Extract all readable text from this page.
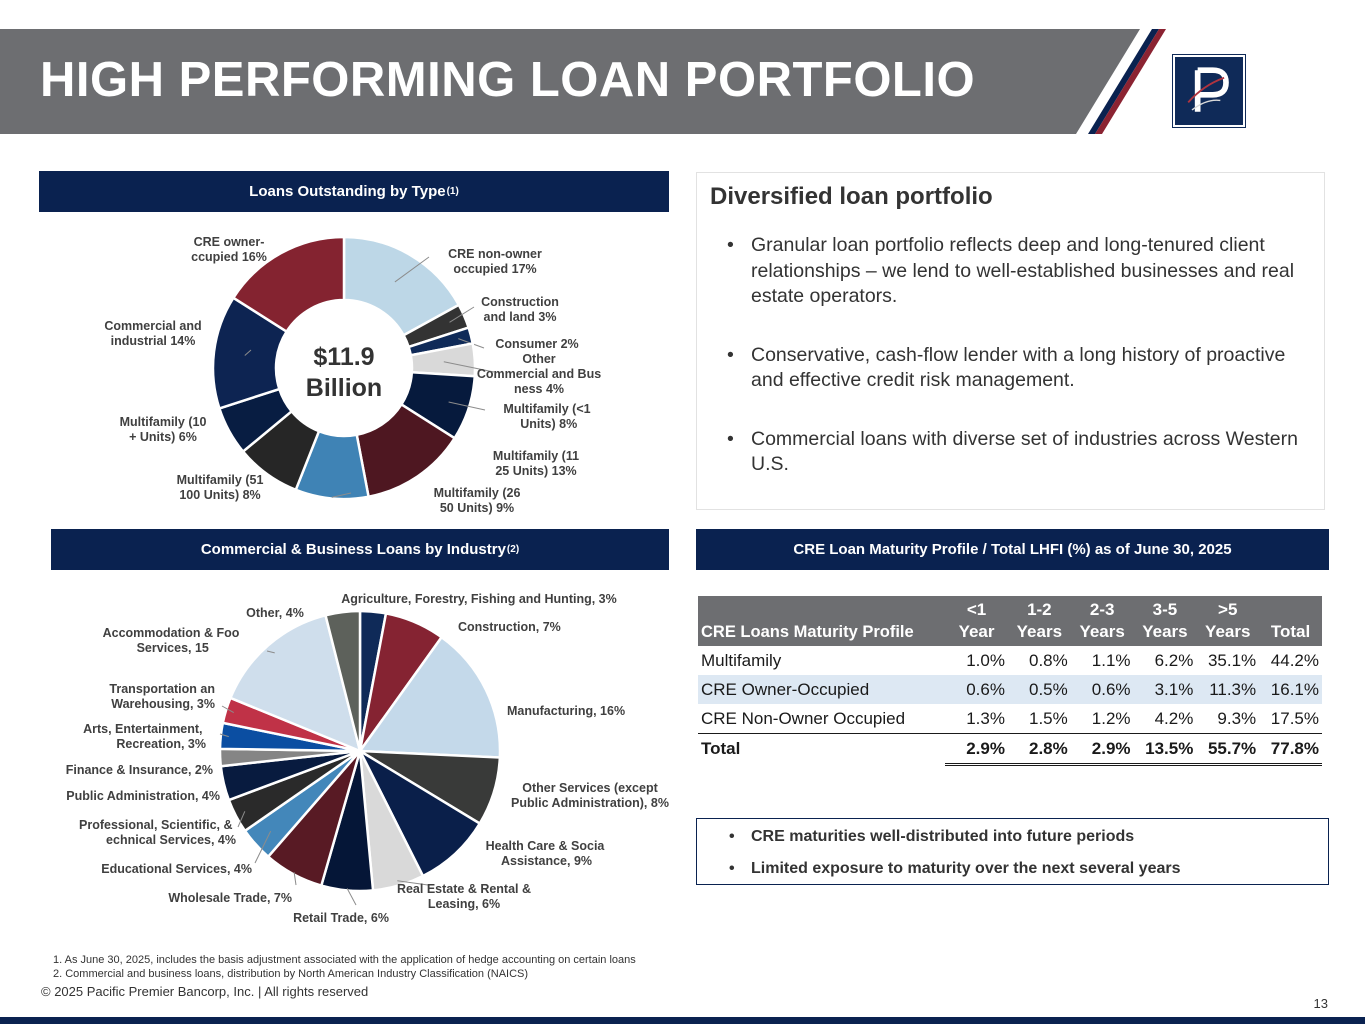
HIGH PERFORMING LOAN PORTFOLIO
Loans Outstanding by Type (1)
CRE non-owner occupied 17%
Construction and land 3%
Consumer 2%
Other Commercial and Bus ness 4%
Multifamily (<1 Units) 8%
Multifamily (11 25 Units) 13%
Multifamily (26 50 Units) 9%
Multifamily (51 100 Units) 8%
Multifamily (10 + Units) 6%
Commercial and industrial 14%
CRE owner-ccupied 16%
$11.9
Billion
Diversified loan portfolio
• Granular loan portfolio reflects deep and long-tenured client relationships – we lend to well-established businesses and real estate operators.
• Conservative, cash-flow lender with a long history of proactive and effective credit risk management.
• Commercial loans with diverse set of industries across Western U.S.
Commercial & Business Loans by Industry (2)
Agriculture, Forestry, Fishing and Hunting, 3%
Construction, 7%
Manufacturing, 16%
Other Services (except Public Administration), 8%
Health Care & Socia Assistance, 9%
Real Estate & Rental & Leasing, 6%
Retail Trade, 6%
Wholesale Trade, 7%
Educational Services, 4%
Professional, Scientific, & echnical Services, 4%
Public Administration, 4%
Finance & Insurance, 2%
Arts, Entertainment, Recreation, 3%
Transportation an Warehousing, 3%
Accommodation & Foo Services, 15
Other, 4%
CRE Loan Maturity Profile / Total LHFI (%) as of June 30, 2025
CRE Loans Maturity Profile	<1 Year	1-2 Years	2-3 Years	3-5 Years	>5 Years	Total
Multifamily	1.0%	0.8%	1.1%	6.2%	35.1%	44.2%
CRE Owner-Occupied	0.6%	0.5%	0.6%	3.1%	11.3%	16.1%
CRE Non-Owner Occupied	1.3%	1.5%	1.2%	4.2%	9.3%	17.5%
Total	2.9%	2.8%	2.9%	13.5%	55.7%	77.8%
• CRE maturities well-distributed into future periods
• Limited exposure to maturity over the next several years
1. As June 30, 2025, includes the basis adjustment associated with the application of hedge accounting on certain loans
2. Commercial and business loans, distribution by North American Industry Classification (NAICS)
© 2025 Pacific Premier Bancorp, Inc. | All rights reserved
13
